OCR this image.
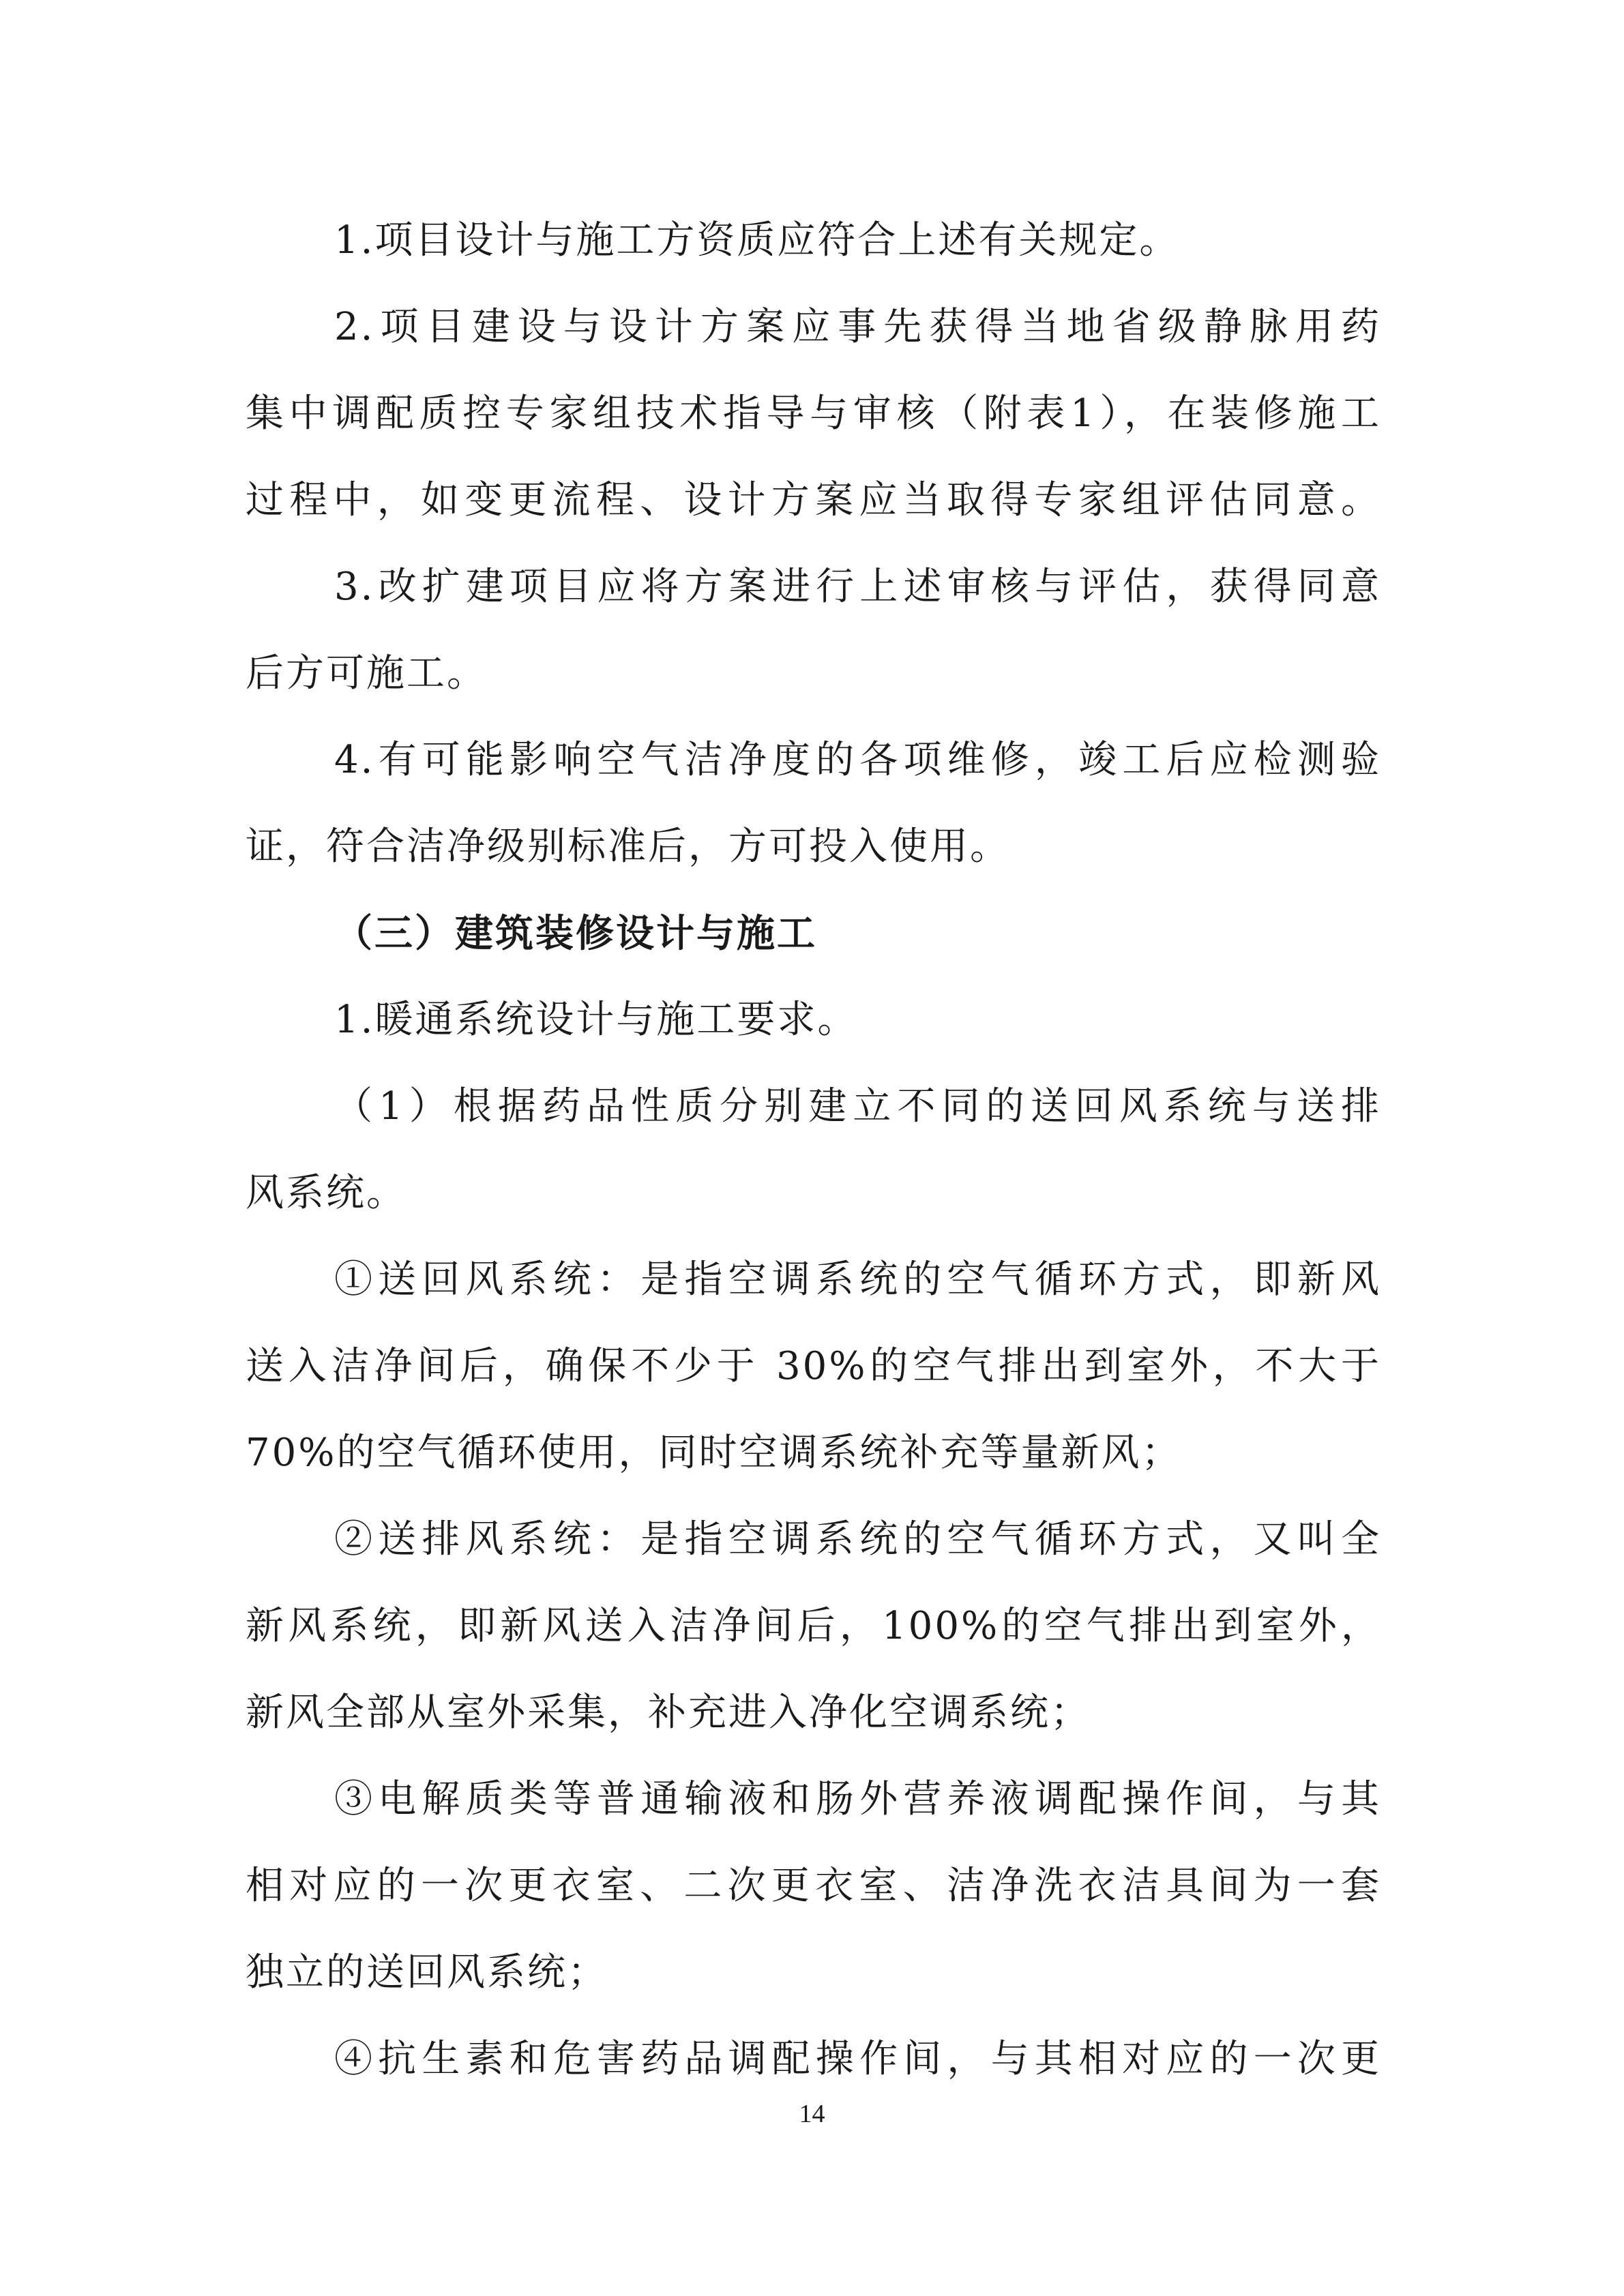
1.项目设计与施工方资质应符合上述有关规定。
2.项目建设与设计方案应事先获得当地省级静脉用药
集中调配质控专家组技术指导与审核（附表1），在装修施工
过程中，如变更流程、设计方案应当取得专家组评估同意。
3.改扩建项目应将方案进行上述审核与评估，获得同意
后方可施工。
4.有可能影响空气洁净度的各项维修，竣工后应检测验
证，符合洁净级别标准后，方可投入使用。
（三）建筑装修设计与施工
1.暖通系统设计与施工要求。
（1）根据药品性质分别建立不同的送回风系统与送排
风系统。
①送回风系统：是指空调系统的空气循环方式，即新风
送入洁净间后，确保不少于 30%的空气排出到室外，不大于
70%的空气循环使用，同时空调系统补充等量新风；
②送排风系统：是指空调系统的空气循环方式，又叫全
新风系统，即新风送入洁净间后，100%的空气排出到室外，
新风全部从室外采集，补充进入净化空调系统；
③电解质类等普通输液和肠外营养液调配操作间，与其
相对应的一次更衣室、二次更衣室、洁净洗衣洁具间为一套
独立的送回风系统；
④抗生素和危害药品调配操作间，与其相对应的一次更
14
